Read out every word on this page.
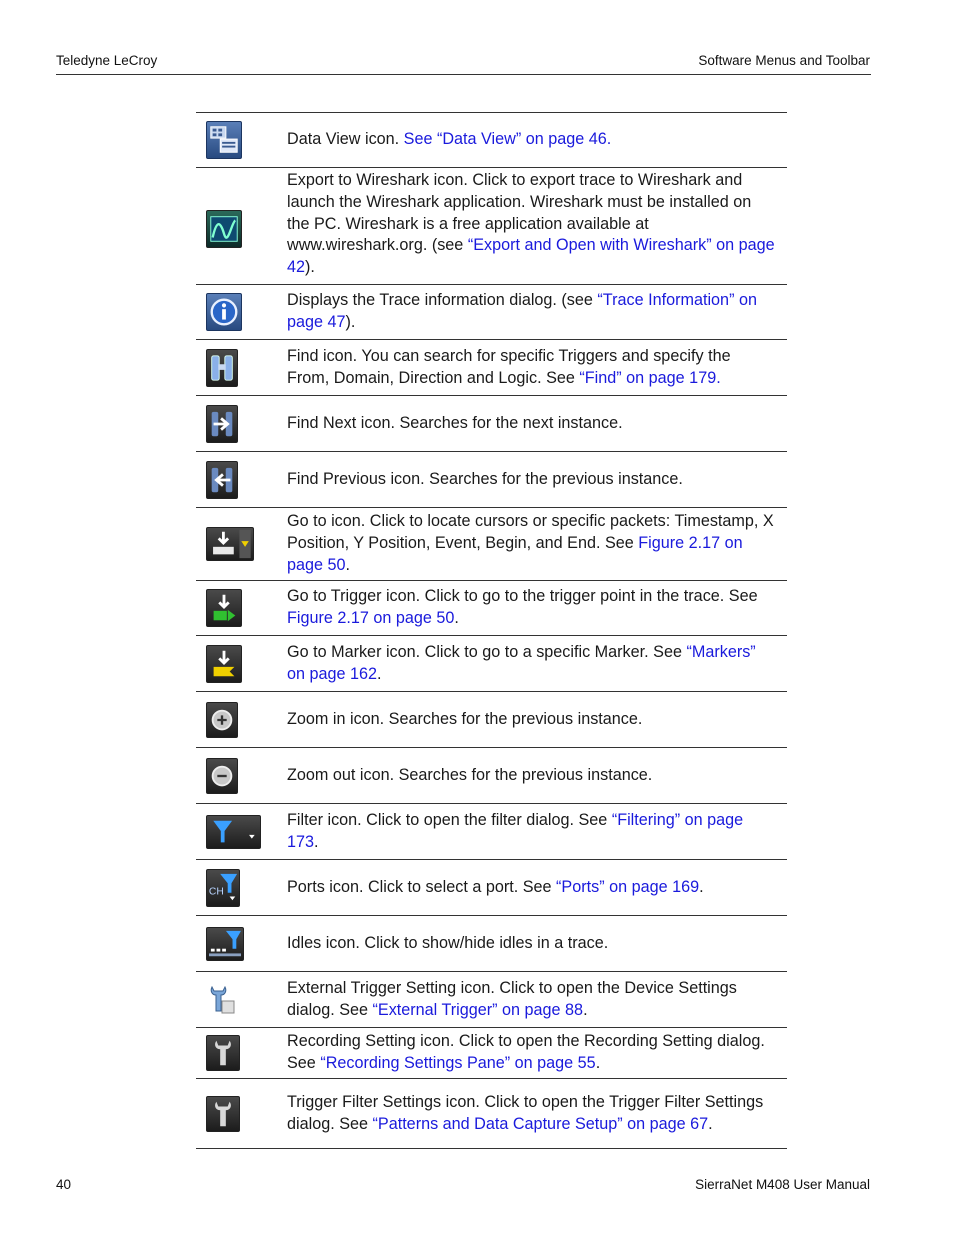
Teledyne LeCroy	Software Menus and Toolbar
Data View icon. See “Data View” on page 46.
Export to Wireshark icon. Click to export trace to Wireshark and launch the Wireshark application. Wireshark must be installed on the PC. Wireshark is a free application available at www.wireshark.org. (see “Export and Open with Wireshark” on page 42).
Displays the Trace information dialog. (see “Trace Information” on page 47).
Find icon. You can search for specific Triggers and specify the From, Domain, Direction and Logic. See “Find” on page 179.
Find Next icon. Searches for the next instance.
Find Previous icon. Searches for the previous instance.
Go to icon. Click to locate cursors or specific packets: Timestamp, X Position, Y Position, Event, Begin, and End. See Figure 2.17 on page 50.
Go to Trigger icon. Click to go to the trigger point in the trace. See Figure 2.17 on page 50.
Go to Marker icon. Click to go to a specific Marker. See “Markers” on page 162.
Zoom in icon. Searches for the previous instance.
Zoom out icon. Searches for the previous instance.
Filter icon. Click to open the filter dialog. See “Filtering” on page 173.
CH	Ports icon. Click to select a port. See “Ports” on page 169.
Idles icon. Click to show/hide idles in a trace.
External Trigger Setting icon. Click to open the Device Settings dialog. See “External Trigger” on page 88.
Recording Setting icon. Click to open the Recording Setting dialog. See “Recording Settings Pane” on page 55.
Trigger Filter Settings icon. Click to open the Trigger Filter Settings dialog. See “Patterns and Data Capture Setup” on page 67.
40	SierraNet M408 User Manual
